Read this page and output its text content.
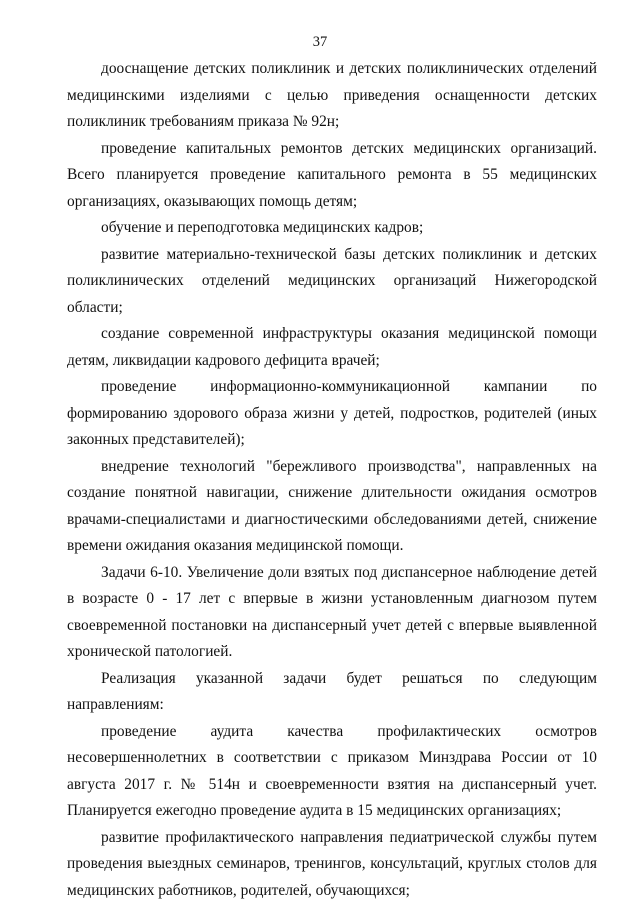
37

дооснащение детских поликлиник и детских поликлинических отделений медицинскими изделиями с целью приведения оснащенности детских поликлиник требованиям приказа № 92н;

проведение капитальных ремонтов детских медицинских организаций. Всего планируется проведение капитального ремонта в 55 медицинских организациях, оказывающих помощь детям;

обучение и переподготовка медицинских кадров;

развитие материально-технической базы детских поликлиник и детских поликлинических отделений медицинских организаций Нижегородской области;

создание современной инфраструктуры оказания медицинской помощи детям, ликвидации кадрового дефицита врачей;

проведение информационно-коммуникационной кампании по формированию здорового образа жизни у детей, подростков, родителей (иных законных представителей);

внедрение технологий "бережливого производства", направленных на создание понятной навигации, снижение длительности ожидания осмотров врачами-специалистами и диагностическими обследованиями детей, снижение времени ожидания оказания медицинской помощи.

Задачи 6-10. Увеличение доли взятых под диспансерное наблюдение детей в возрасте 0 - 17 лет с впервые в жизни установленным диагнозом путем своевременной постановки на диспансерный учет детей с впервые выявленной хронической патологией.

Реализация указанной задачи будет решаться по следующим направлениям:

проведение аудита качества профилактических осмотров несовершеннолетних в соответствии с приказом Минздрава России от 10 августа 2017 г. № 514н и своевременности взятия на диспансерный учет. Планируется ежегодно проведение аудита в 15 медицинских организациях;

развитие профилактического направления педиатрической службы путем проведения выездных семинаров, тренингов, консультаций, круглых столов для медицинских работников, родителей, обучающихся;
